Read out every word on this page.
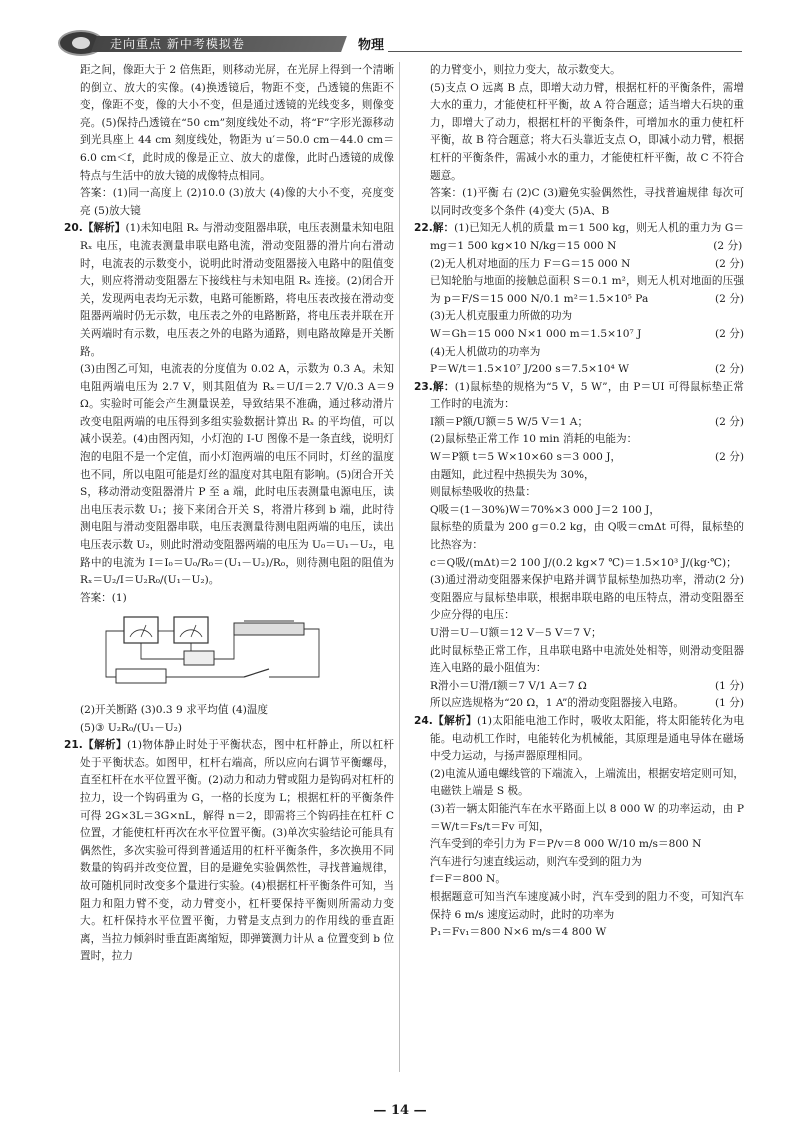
走向重点 新中考模拟卷	物理

距之间，像距大于 2 倍焦距，则移动光屏，在光屏上得到一个清晰的倒立、放大的实像。(4)换透镜后，物距不变，凸透镜的焦距不变，像距不变，像的大小不变，但是通过透镜的光线变多，则像变亮。(5)保持凸透镜在“50 cm”刻度线处不动，将“F”字形光源移动到光具座上 44 cm 刻度线处，物距为 u′＝50.0 cm－44.0 cm＝6.0 cm＜f，此时成的像是正立、放大的虚像，此时凸透镜的成像特点与生活中的放大镜的成像特点相同。

答案：(1)同一高度上 (2)10.0 (3)放大 (4)像的大小不变，亮度变亮 (5)放大镜

20.【解析】(1)未知电阻 Rₓ 与滑动变阻器串联，电压表测量未知电阻 Rₓ 电压，电流表测量串联电路电流，滑动变阻器的滑片向右滑动时，电流表的示数变小，说明此时滑动变阻器接入电路中的阻值变大，则应将滑动变阻器左下接线柱与未知电阻 Rₓ 连接。(2)闭合开关，发现两电表均无示数，电路可能断路，将电压表改接在滑动变阻器两端时仍无示数，电压表之外的电路断路，将电压表并联在开关两端时有示数，电压表之外的电路为通路，则电路故障是开关断路。

(3)由图乙可知，电流表的分度值为 0.02 A，示数为 0.3 A。未知电阻两端电压为 2.7 V，则其阻值为 Rₓ＝U/I＝2.7 V/0.3 A＝9 Ω。实验时可能会产生测量误差，导致结果不准确，通过移动滑片改变电阻两端的电压得到多组实验数据计算出 Rₓ 的平均值，可以减小误差。(4)由图丙知，小灯泡的 I-U 图像不是一条直线，说明灯泡的电阻不是一个定值，而小灯泡两端的电压不同时，灯丝的温度也不同，所以电阻可能是灯丝的温度对其电阻有影响。(5)闭合开关 S，移动滑动变阻器滑片 P 至 a 端，此时电压表测量电源电压，读出电压表示数 U₁；接下来闭合开关 S，将滑片移到 b 端，此时待测电阻与滑动变阻器串联，电压表测量待测电阻两端的电压，读出电压表示数 U₂，则此时滑动变阻器两端的电压为 U₀＝U₁－U₂，电路中的电流为 I＝I₀＝U₀/R₀＝(U₁－U₂)/R₀，则待测电阻的阻值为 Rₓ＝U₂/I＝U₂R₀/(U₁－U₂)。

答案：(1)

(2)开关断路 (3)0.3 9 求平均值 (4)温度

(5)③ U₂R₀/(U₁－U₂)

21.【解析】(1)物体静止时处于平衡状态，图中杠杆静止，所以杠杆处于平衡状态。如图甲，杠杆右端高，所以应向右调节平衡螺母，直至杠杆在水平位置平衡。(2)动力和动力臂或阻力是钩码对杠杆的拉力，设一个钩码重为 G，一格的长度为 L；根据杠杆的平衡条件可得 2G×3L＝3G×nL，解得 n＝2，即需将三个钩码挂在杠杆 C 位置，才能使杠杆再次在水平位置平衡。(3)单次实验结论可能具有偶然性，多次实验可得到普通适用的杠杆平衡条件，多次换用不同数量的钩码并改变位置，目的是避免实验偶然性，寻找普遍规律，故可随机同时改变多个量进行实验。(4)根据杠杆平衡条件可知，当阻力和阻力臂不变，动力臂变小，杠杆要保持平衡则所需动力变大。杠杆保持水平位置平衡，力臂是支点到力的作用线的垂直距离，当拉力倾斜时垂直距离缩短，即弹簧测力计从 a 位置变到 b 位置时，拉力

的力臂变小，则拉力变大，故示数变大。

(5)支点 O 远离 B 点，即增大动力臂，根据杠杆的平衡条件，需增大水的重力，才能使杠杆平衡，故 A 符合题意；适当增大石块的重力，即增大了动力，根据杠杆的平衡条件，可增加水的重力使杠杆平衡，故 B 符合题意；将大石头靠近支点 O，即减小动力臂，根据杠杆的平衡条件，需减小水的重力，才能使杠杆平衡，故 C 不符合题意。

答案：(1)平衡 右 (2)C (3)避免实验偶然性，寻找普遍规律 每次可以同时改变多个条件 (4)变大 (5)A、B

22.解：(1)已知无人机的质量 m＝1 500 kg，则无人机的重力为 G＝mg＝1 500 kg×10 N/kg＝15 000 N	(2 分)

(2)无人机对地面的压力 F＝G＝15 000 N	(2 分)

已知轮胎与地面的接触总面积 S＝0.1 m²，则无人机对地面的压强为 p＝F/S＝15 000 N/0.1 m²＝1.5×10⁵ Pa	(2 分)

(3)无人机克服重力所做的功为

W＝Gh＝15 000 N×1 000 m＝1.5×10⁷ J	(2 分)

(4)无人机做功的功率为

P＝W/t＝1.5×10⁷ J/200 s＝7.5×10⁴ W	(2 分)

23.解：(1)鼠标垫的规格为“5 V，5 W”，由 P＝UI 可得鼠标垫正常工作时的电流为：

I额＝P额/U额＝5 W/5 V＝1 A；	(2 分)

(2)鼠标垫正常工作 10 min 消耗的电能为：

W＝P额 t＝5 W×10×60 s＝3 000 J，	(2 分)

由题知，此过程中热损失为 30%，

则鼠标垫吸收的热量：

Q吸＝(1－30%)W＝70%×3 000 J＝2 100 J，

鼠标垫的质量为 200 g＝0.2 kg，由 Q吸＝cmΔt 可得，鼠标垫的比热容为：

c＝Q吸/(mΔt)＝2 100 J/(0.2 kg×7 ℃)＝1.5×10³ J/(kg·℃)；
(2 分)

(3)通过滑动变阻器来保护电路并调节鼠标垫加热功率，滑动变阻器应与鼠标垫串联，根据串联电路的电压特点，滑动变阻器至少应分得的电压：

U滑＝U－U额＝12 V－5 V＝7 V；

此时鼠标垫正常工作，且串联电路中电流处处相等，则滑动变阻器连入电路的最小阻值为：

R滑小＝U滑/I额＝7 V/1 A＝7 Ω	(1 分)

所以应选规格为“20 Ω，1 A”的滑动变阻器接入电路。	(1 分)

24.【解析】(1)太阳能电池工作时，吸收太阳能，将太阳能转化为电能。电动机工作时，电能转化为机械能，其原理是通电导体在磁场中受力运动，与扬声器原理相同。

(2)电流从通电螺线管的下端流入，上端流出，根据安培定则可知，电磁铁上端是 S 极。

(3)若一辆太阳能汽车在水平路面上以 8 000 W 的功率运动，由 P＝W/t＝Fs/t＝Fv 可知，

汽车受到的牵引力为 F＝P/v＝8 000 W/10 m/s＝800 N

汽车进行匀速直线运动，则汽车受到的阻力为

f＝F＝800 N。

根据题意可知当汽车速度减小时，汽车受到的阻力不变，可知汽车保持 6 m/s 速度运动时，此时的功率为

P₁＝Fv₁＝800 N×6 m/s＝4 800 W

— 14 —
